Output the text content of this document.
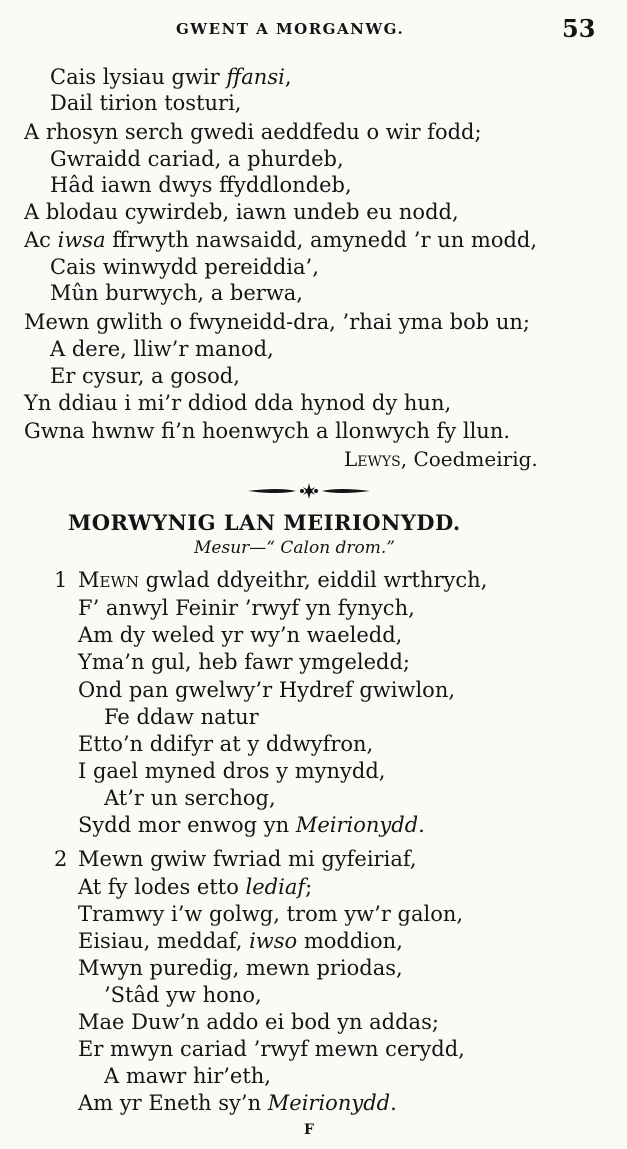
GWENT A MORGANWG.	53
Cais lysiau gwir ffansi,
Dail tirion tosturi,
A rhosyn serch gwedi aeddfedu o wir fodd;
Gwraidd cariad, a phurdeb,
Hâd iawn dwys ffyddlondeb,
A blodau cywirdeb, iawn undeb eu nodd,
Ac iwsa ffrwyth nawsaidd, amynedd ’r un modd,
Cais winwydd pereiddia’,
Mûn burwych, a berwa,
Mewn gwlith o fwyneidd-dra, ’rhai yma bob un;
A dere, lliw’r manod,
Er cysur, a gosod,
Yn ddiau i mi’r ddiod dda hynod dy hun,
Gwna hwnw fi’n hoenwych a llonwych fy llun.
Lewys, Coedmeirig.
MORWYNIG LAN MEIRIONYDD.
Mesur—“ Calon drom.”
1 Mewn gwlad ddyeithr, eiddil wrthrych,
F’ anwyl Feinir ’rwyf yn fynych,
Am dy weled yr wy’n waeledd,
Yma’n gul, heb fawr ymgeledd;
Ond pan gwelwy’r Hydref gwiwlon,
Fe ddaw natur
Etto’n ddifyr at y ddwyfron,
I gael myned dros y mynydd,
At’r un serchog,
Sydd mor enwog yn Meirionydd.
2 Mewn gwiw fwriad mi gyfeiriaf,
At fy lodes etto lediaf;
Tramwy i’w golwg, trom yw’r galon,
Eisiau, meddaf, iwso moddion,
Mwyn puredig, mewn priodas,
’Stâd yw hono,
Mae Duw’n addo ei bod yn addas;
Er mwyn cariad ’rwyf mewn cerydd,
A mawr hir’eth,
Am yr Eneth sy’n Meirionydd.
F
